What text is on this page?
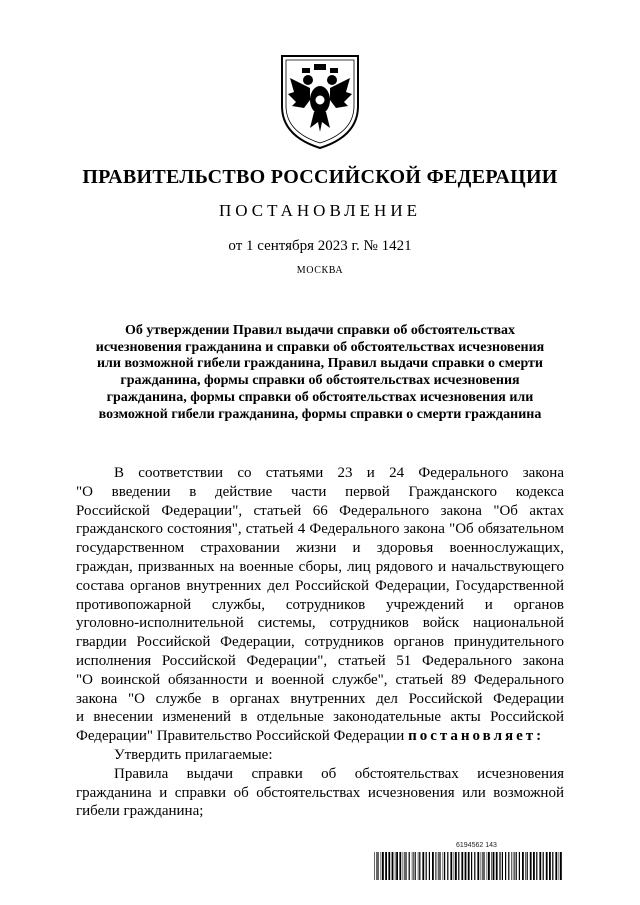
ПРАВИТЕЛЬСТВО РОССИЙСКОЙ ФЕДЕРАЦИИ
ПОСТАНОВЛЕНИЕ
от 1 сентября 2023 г. № 1421
МОСКВА
Об утверждении Правил выдачи справки об обстоятельствах
исчезновения гражданина и справки об обстоятельствах исчезновения
или возможной гибели гражданина, Правил выдачи справки о смерти
гражданина, формы справки об обстоятельствах исчезновения
гражданина, формы справки об обстоятельствах исчезновения или
возможной гибели гражданина, формы справки о смерти гражданина
В соответствии со статьями 23 и 24 Федерального закона
"О введении в действие части первой Гражданского кодекса
Российской Федерации", статьей 66 Федерального закона "Об актах
гражданского состояния", статьей 4 Федерального закона "Об обязательном
государственном страховании жизни и здоровья военнослужащих,
граждан, призванных на военные сборы, лиц рядового и начальствующего
состава органов внутренних дел Российской Федерации, Государственной
противопожарной службы, сотрудников учреждений и органов
уголовно-исполнительной системы, сотрудников войск национальной
гвардии Российской Федерации, сотрудников органов принудительного
исполнения Российской Федерации", статьей 51 Федерального закона
"О воинской обязанности и военной службе", статьей 89 Федерального
закона "О службе в органах внутренних дел Российской Федерации
и внесении изменений в отдельные законодательные акты Российской
Федерации" Правительство Российской Федерации постановляет:
Утвердить прилагаемые:
Правила выдачи справки об обстоятельствах исчезновения
гражданина и справки об обстоятельствах исчезновения или возможной
гибели гражданина;
6194562 143
